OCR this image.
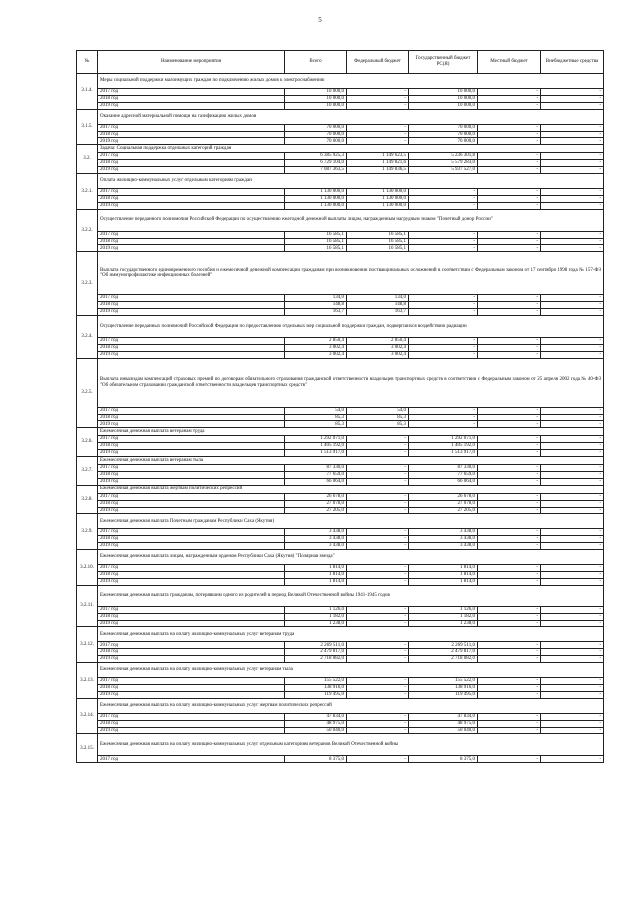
5
№	Наименование мероприятия	Всего	Федеральный бюджет	Государственный бюджет РС(Я)	Местный бюджет	Внебюджетные средства
3.1.4.	Меры социальной поддержки малоимущих граждан по подключению жилых домов к электроснабжению					
	2017 год	10 000,0	-	10 000,0	-	-
	2018 год	10 000,0	-	10 000,0	-	-
	2019 год	10 000,0	-	10 000,0	-	-
3.1.5.	Оказание адресной материальной помощи на газификацию жилых домов					
	2017 год	70 000,0	-	70 000,0	-	-
	2018 год	70 000,0	-	70 000,0	-	-
	2019 год	70 000,0	-	70 000,0	-	-
3.2.	Задача: Социальная поддержка отдельных категорий граждан					
	2017 год	6 385 925,3	1 149 623,5	5 236 301,8	-	-
	2018 год	6 729 104,0	1 149 821,6	5 579 283,0	-	-
	2019 год	7 087 363,5	1 149 836,5	5 937 527,0	-	-
3.2.1.	Оплата жилищно-коммунальных услуг отдельным категориям граждан					
	2017 год	1 130 000,0	1 130 000,0	-	-	-
	2018 год	1 130 000,0	1 130 000,0	-	-	-
	2019 год	1 130 000,0	1 130 000,0	-	-	-
3.2.2.	Осуществление переданного полномочия Российской Федерации по осуществлению ежегодной денежной выплаты лицам, награжденным нагрудным знаком "Почетный донор России"					
	2017 год	16 585,1	16 585,1	-	-	-
	2018 год	16 585,1	16 585,1	-	-	-
	2019 год	16 585,1	16 585,1	-	-	-
3.2.3.	Выплата государственного единовременного пособия и ежемесячной денежной компенсации гражданам при возникновении поствакцинальных осложнений в соответствии с Федеральным законом от 17 сентября 1998 года № 157-ФЗ "Об иммунопрофилактике инфекционных болезней"					
	2017 год	134,0	134,0	-	-	-
	2018 год	148,8	148,8	-	-	-
	2019 год	163,7	163,7	-	-	-
3.2.4.	Осуществление переданных полномочий Российской Федерации по предоставлению отдельных мер социальной поддержки граждан, подвергшихся воздействию радиации					
	2017 год	2 850,4	2 850,4	-	-	-
	2018 год	3 002,4	3 002,4	-	-	-
	2019 год	3 002,4	3 002,4	-	-	-
3.2.5.	Выплата инвалидам компенсаций страховых премий по договорам обязательного страхования гражданской ответственности владельцев транспортных средств в соответствии с Федеральным законом от 25 апреля 2002 года № 40-ФЗ "Об обязательном страховании гражданской ответственности владельцев транспортных средств"					
	2017 год	54,0	54,0	-	-	-
	2018 год	85,3	85,3	-	-	-
	2019 год	85,3	85,3	-	-	-
3.2.6.	Ежемесячная денежная выплата ветеранам труда					
	2017 год	1 292 071,0	-	1 292 071,0	-	-
	2018 год	1 405 192,0	-	1 405 192,0	-	-
	2019 год	1 513 917,0	-	1 513 917,0	-	-
3.2.7.	Ежемесячная денежная выплата ветеранам тыла					
	2017 год	87 330,0	-	87 330,0	-	-
	2018 год	77 659,0	-	77 659,0	-	-
	2019 год	66 064,0	-	66 064,0	-	-
3.2.8.	Ежемесячная денежная выплата жертвам политических репрессий					
	2017 год	26 678,0	-	26 678,0	-	-
	2018 год	27 078,0	-	27 078,0	-	-
	2019 год	27 205,0	-	27 205,0	-	-
3.2.9.	Ежемесячная денежная выплата Почетным гражданам Республики Саха (Якутия)					
	2017 год	3 438,0	-	3 438,0	-	-
	2018 год	3 438,0	-	3 438,0	-	-
	2019 год	3 438,0	-	3 438,0	-	-
3.2.10.	Ежемесячная денежная выплата лицам, награжденным орденом Республики Саха (Якутия) "Полярная звезда"					
	2017 год	1 814,0	-	1 814,0	-	-
	2018 год	1 814,0	-	1 814,0	-	-
	2019 год	1 814,0	-	1 814,0	-	-
3.2.11.	Ежемесячная денежная выплата гражданам, потерявшим одного из родителей в период Великой Отечественной войны 1941-1945 годов					
	2017 год	1 126,0	-	1 126,0	-	-
	2018 год	1 182,0	-	1 182,0	-	-
	2019 год	1 238,0	-	1 238,0	-	-
3.2.12.	Ежемесячная денежная выплата на оплату жилищно-коммунальных услуг ветеранам труда					
	2017 год	2 269 511,0	-	2 269 511,0	-	-
	2018 год	2 479 817,0	-	2 479 817,0	-	-
	2019 год	2 718 082,0	-	2 718 082,0	-	-
3.2.13.	Ежемесячная денежная выплата на оплату жилищно-коммунальных услуг ветеранам тыла					
	2017 год	155 522,0	-	155 522,0	-	-
	2018 год	138 916,0	-	138 916,0	-	-
	2019 год	119 495,0	-	119 495,0	-	-
3.2.14.	Ежемесячная денежная выплата на оплату жилищно-коммунальных услуг жертвам политических репрессий					
	2017 год	47 834,0	-	47 834,0	-	-
	2018 год	48 975,0	-	48 975,0	-	-
	2019 год	50 040,0	-	50 040,0	-	-
3.2.15.	Ежемесячная денежная выплата на оплату жилищно-коммунальных услуг отдельным категориям ветеранов Великой Отечественной войны					
	2017 год	8 375,0	-	8 375,0	-	-
